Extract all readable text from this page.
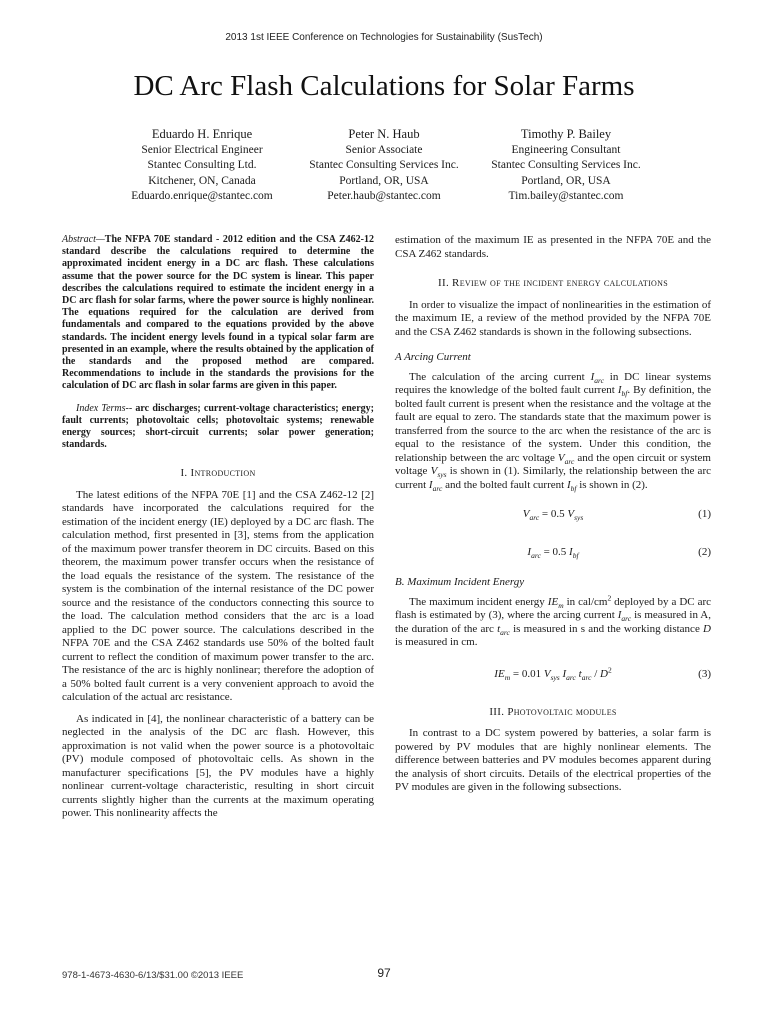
2013 1st IEEE Conference on Technologies for Sustainability (SusTech)
DC Arc Flash Calculations for Solar Farms
Eduardo H. Enrique
Senior Electrical Engineer
Stantec Consulting Ltd.
Kitchener, ON, Canada
Eduardo.enrique@stantec.com
Peter N. Haub
Senior Associate
Stantec Consulting Services Inc.
Portland, OR, USA
Peter.haub@stantec.com
Timothy P. Bailey
Engineering Consultant
Stantec Consulting Services Inc.
Portland, OR, USA
Tim.bailey@stantec.com

Abstract—The NFPA 70E standard - 2012 edition and the CSA Z462-12 standard describe the calculations required to determine the approximated incident energy in a DC arc flash. These calculations assume that the power source for the DC system is linear. This paper describes the calculations required to estimate the incident energy in a DC arc flash for solar farms, where the power source is highly nonlinear. The equations required for the calculation are derived from fundamentals and compared to the equations provided by the above standards. The incident energy levels found in a typical solar farm are presented in an example, where the results obtained by the application of the standards and the proposed method are compared. Recommendations to include in the standards the provisions for the calculation of DC arc flash in solar farms are given in this paper.

Index Terms-- arc discharges; current-voltage characteristics; energy; fault currents; photovoltaic cells; photovoltaic systems; renewable energy sources; short-circuit currents; solar power generation; standards.

I. Introduction

The latest editions of the NFPA 70E [1] and the CSA Z462-12 [2] standards have incorporated the calculations required for the estimation of the incident energy (IE) deployed by a DC arc flash. The calculation method, first presented in [3], stems from the application of the maximum power transfer theorem in DC circuits. Based on this theorem, the maximum power transfer occurs when the resistance of the load equals the resistance of the system. The resistance of the system is the combination of the internal resistance of the DC power source and the resistance of the conductors connecting this source to the load. The calculation method considers that the arc is a load applied to the DC power source. The calculations described in the NFPA 70E and the CSA Z462 standards use 50% of the bolted fault current to reflect the condition of maximum power transfer to the arc. The resistance of the arc is highly nonlinear; therefore the adoption of a 50% bolted fault current is a very convenient approach to avoid the calculation of the actual arc resistance.

As indicated in [4], the nonlinear characteristic of a battery can be neglected in the analysis of the DC arc flash. However, this approximation is not valid when the power source is a photovoltaic (PV) module composed of photovoltaic cells. As shown in the manufacturer specifications [5], the PV modules have a highly nonlinear current-voltage characteristic, resulting in short circuit currents slightly higher than the currents at the maximum operating power. This nonlinearity affects the

estimation of the maximum IE as presented in the NFPA 70E and the CSA Z462 standards.

II. Review of the incident energy calculations

In order to visualize the impact of nonlinearities in the estimation of the maximum IE, a review of the method provided by the NFPA 70E and the CSA Z462 standards is shown in the following subsections.

A Arcing Current

The calculation of the arcing current $I_{arc}$ in DC linear systems requires the knowledge of the bolted fault current $I_{bf}$. By definition, the bolted fault current is present when the resistance and the voltage at the fault are equal to zero. The standards state that the maximum power is transferred from the source to the arc when the resistance of the arc is equal to the resistance of the system. Under this condition, the relationship between the arc voltage $V_{arc}$ and the open circuit or system voltage $V_{sys}$ is shown in (1). Similarly, the relationship between the arc current $I_{arc}$ and the bolted fault current $I_{bf}$ is shown in (2).

$V_{arc} = 0.5$ $V_{sys}$	(1)
$I_{arc} = 0.5$ $I_{bf}$	(2)
B. Maximum Incident Energy

The maximum incident energy $IE_m$ in cal/$cm^2$ deployed by a DC arc flash is estimated by (3), where the arcing current $I_{arc}$ is measured in A, the duration of the arc $t_{arc}$ is measured in s and the working distance D is measured in cm.

$IE_m = 0.01$ $V_{sys}$ $I_{arc}$ $t_{arc} / D^2$	(3)
III. Photovoltaic modules

In contrast to a DC system powered by batteries, a solar farm is powered by PV modules that are highly nonlinear elements. The difference between batteries and PV modules becomes apparent during the analysis of short circuits. Details of the electrical properties of the PV modules are given in the following subsections.

978-1-4673-4630-6/13/$31.00 ©2013 IEEE	97
